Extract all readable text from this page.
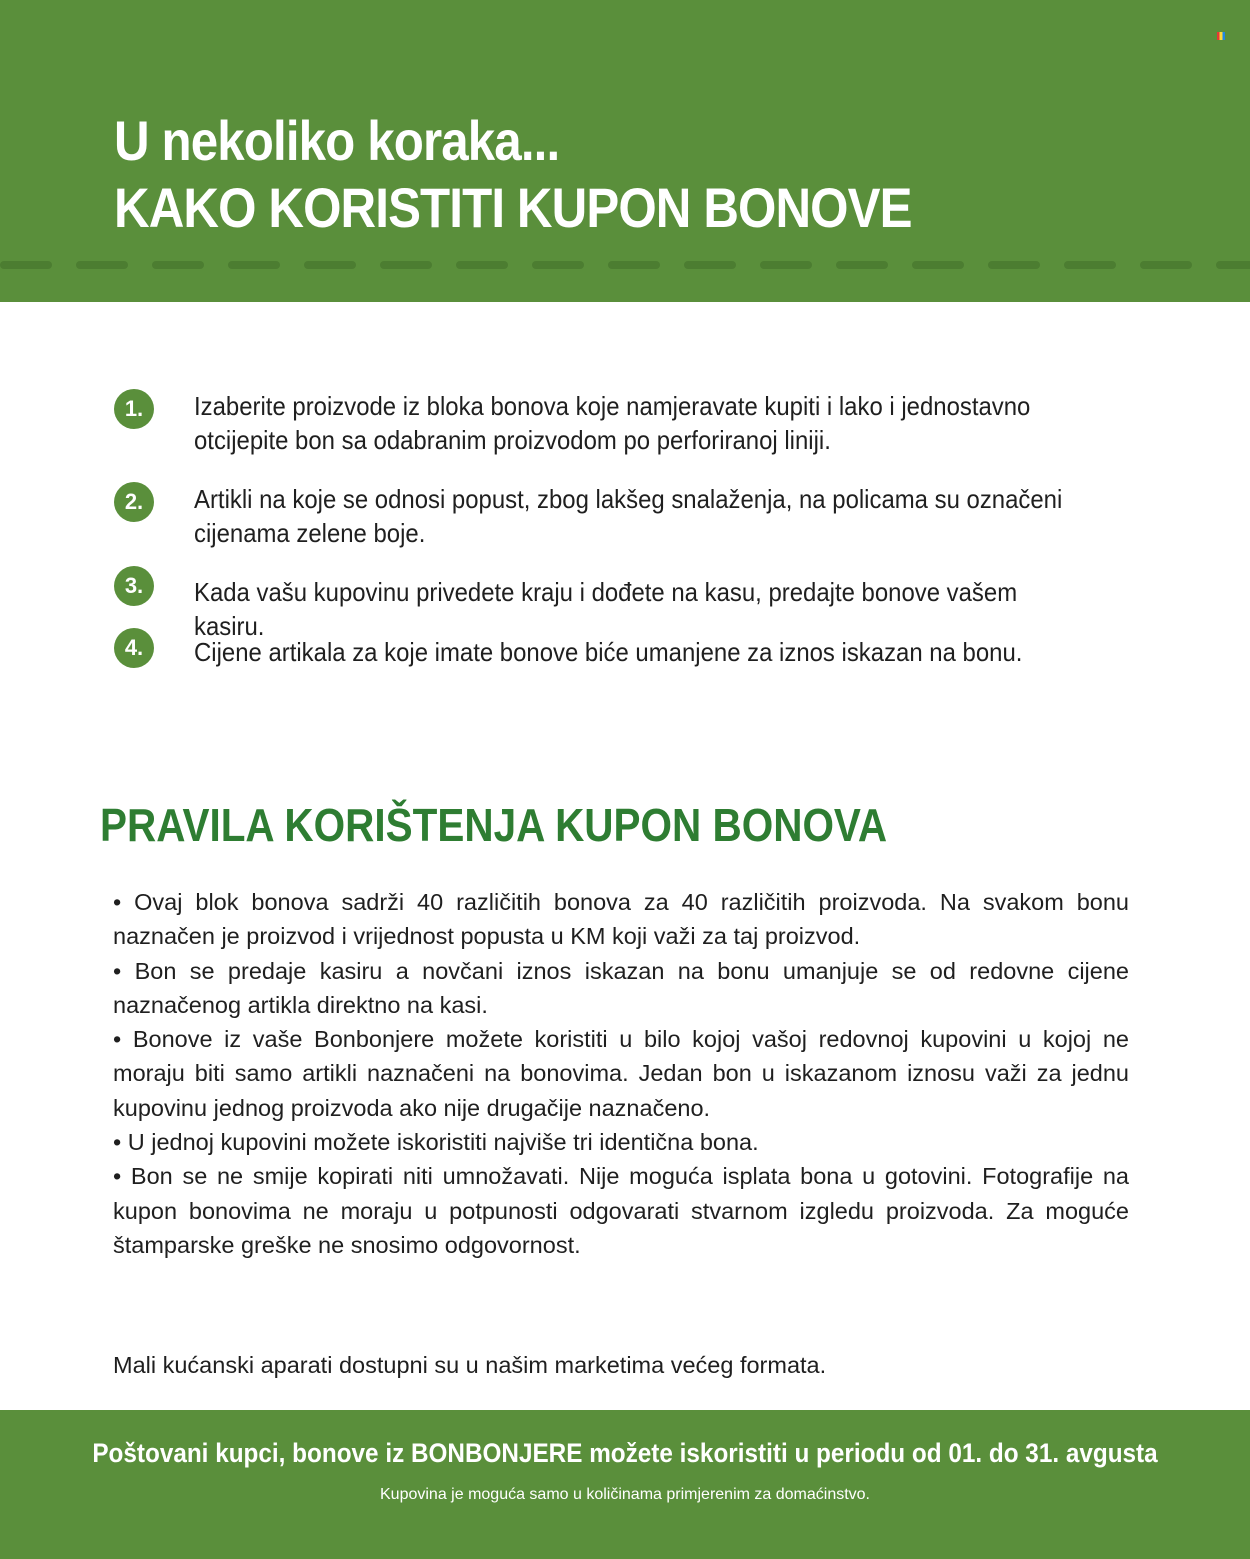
U nekoliko koraka...
KAKO KORISTITI KUPON BONOVE
1.	Izaberite proizvode iz bloka bonova koje namjeravate kupiti i lako i jednostavno otcijepite bon sa odabranim proizvodom po perforiranoj liniji.
2.	Artikli na koje se odnosi popust, zbog lakšeg snalaženja, na policama su označeni cijenama zelene boje.
3.	Kada vašu kupovinu privedete kraju i dođete na kasu, predajte bonove vašem kasiru.
4.	Cijene artikala za koje imate bonove biće umanjene za iznos iskazan na bonu.
PRAVILA KORIŠTENJA KUPON BONOVA

• Ovaj blok bonova sadrži 40 različitih bonova za 40 različitih proizvoda. Na svakom bonu naznačen je proizvod i vrijednost popusta u KM koji važi za taj proizvod.

• Bon se predaje kasiru a novčani iznos iskazan na bonu umanjuje se od redovne cijene naznačenog artikla direktno na kasi.

• Bonove iz vaše Bonbonjere možete koristiti u bilo kojoj vašoj redovnoj kupovini u kojoj ne moraju biti samo artikli naznačeni na bonovima. Jedan bon u iskazanom iznosu važi za jednu kupovinu jednog proizvoda ako nije drugačije naznačeno.

• U jednoj kupovini možete iskoristiti najviše tri identična bona.

• Bon se ne smije kopirati niti umnožavati. Nije moguća isplata bona u gotovini. Fotografije na kupon bonovima ne moraju u potpunosti odgovarati stvarnom izgledu proizvoda. Za moguće štamparske greške ne snosimo odgovornost.

Mali kućanski aparati dostupni su u našim marketima većeg formata.
Poštovani kupci, bonove iz BONBONJERE možete iskoristiti u periodu od 01. do 31. avgusta
Kupovina je moguća samo u količinama primjerenim za domaćinstvo.
